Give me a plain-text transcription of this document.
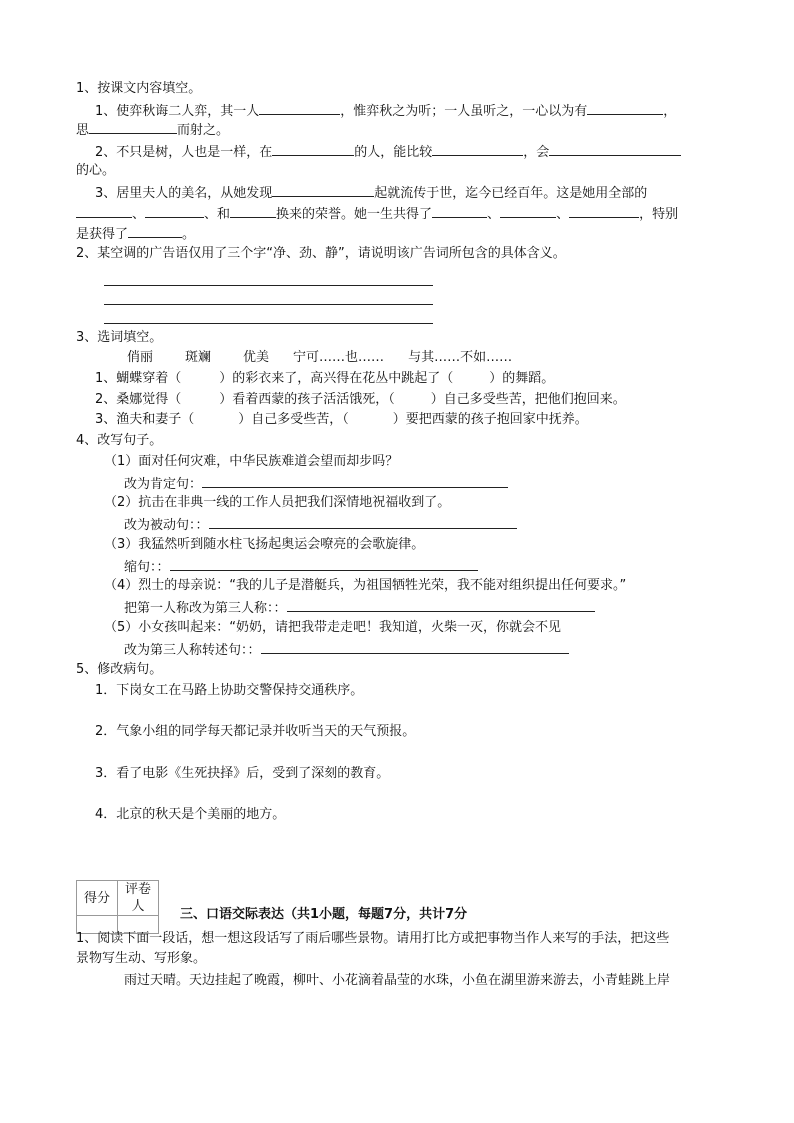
1、按课文内容填空。
1、使弈秋诲二人弈，其一人	，惟弈秋之为听；一人虽听之，一心以为有	，
思	而射之。
2、不只是树，人也是一样，在	的人，能比较	，会
的心。
3、居里夫人的美名，从她发现	起就流传于世，迄今已经百年。这是她用全部的
、	、和	换来的荣誉。她一生共得了	、	、	，特别
是获得了	。
2、某空调的广告语仅用了三个字“净、劲、静”，请说明该广告词所包含的具体含义。
3、选词填空。
俏丽 斑斓 优美 宁可……也…… 与其……不如……
1、蝴蝶穿着（	）的彩衣来了，高兴得在花丛中跳起了（	）的舞蹈。
2、桑娜觉得（	）看着西蒙的孩子活活饿死，（	）自己多受些苦，把他们抱回来。
3、渔夫和妻子（	）自己多受些苦，（	）要把西蒙的孩子抱回家中抚养。
4、改写句子。
（1）面对任何灾难，中华民族难道会望而却步吗？
改为肯定句：
（2）抗击在非典一线的工作人员把我们深情地祝福收到了。
改为被动句：：
（3）我猛然听到随水柱飞扬起奥运会嘹亮的会歌旋律。
缩句：：
（4）烈士的母亲说：“我的儿子是潜艇兵，为祖国牺牲光荣，我不能对组织提出任何要求。”
把第一人称改为第三人称：：
（5）小女孩叫起来：“奶奶，请把我带走走吧！我知道，火柴一灭，你就会不见
改为第三人称转述句：：
5、修改病句。
1．下岗女工在马路上协助交警保持交通秩序。
2．气象小组的同学每天都记录并收听当天的天气预报。
3．看了电影《生死抉择》后，受到了深刻的教育。
4．北京的秋天是个美丽的地方。
得分	评卷人

三、口语交际表达（共1小题，每题7分，共计7分
1、阅读下面一段话，想一想这段话写了雨后哪些景物。请用打比方或把事物当作人来写的手法，把这些
景物写生动、写形象。
雨过天晴。天边挂起了晚霞，柳叶、小花滴着晶莹的水珠，小鱼在湖里游来游去，小青蛙跳上岸
